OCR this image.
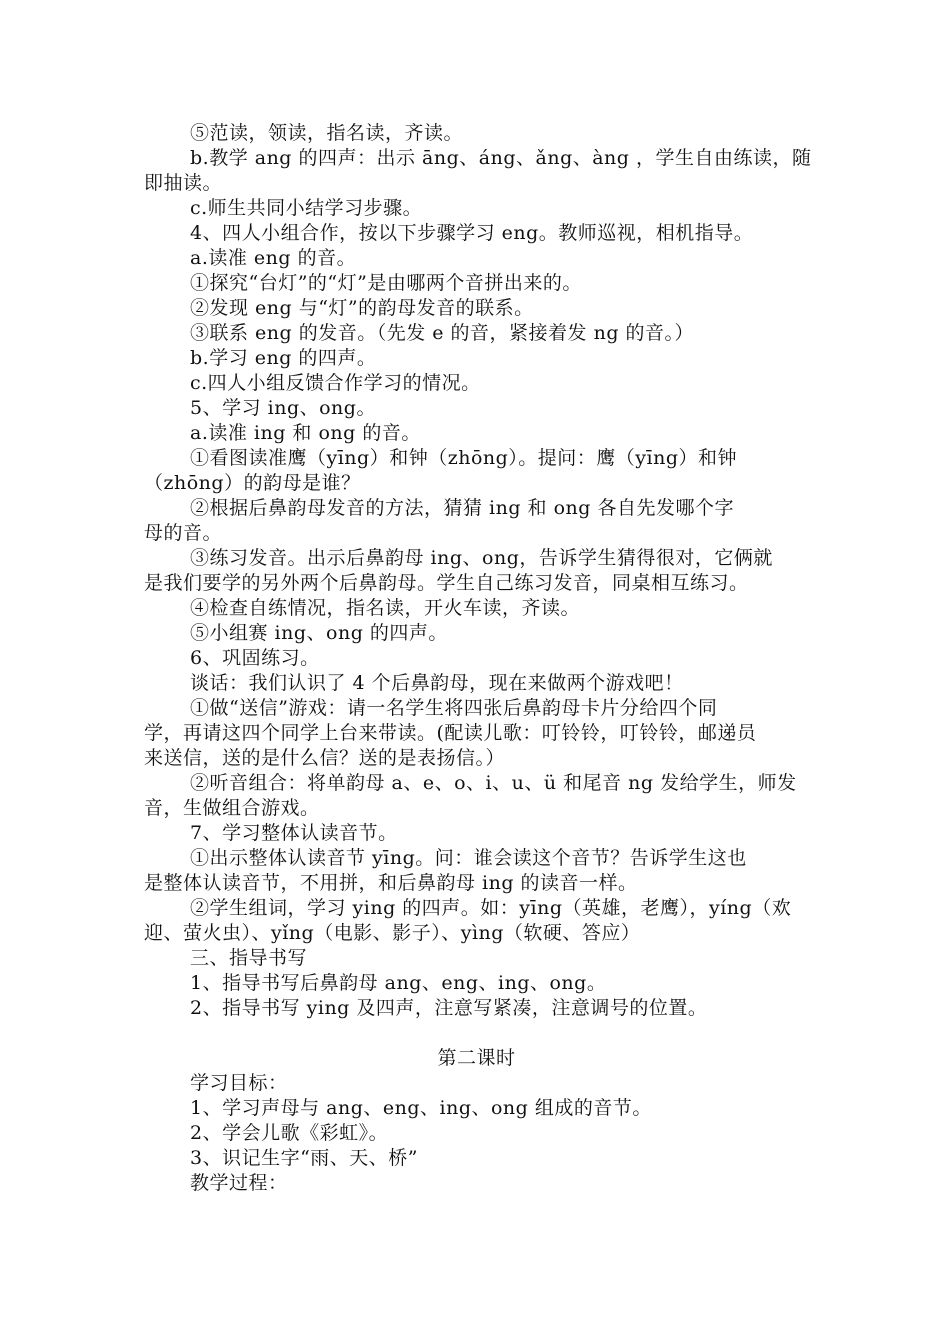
⑤范读，领读，指名读，齐读。
b.教学 ang 的四声：出示 āng、áng、ǎng、àng ，学生自由练读，随
即抽读。
c.师生共同小结学习步骤。
4、四人小组合作，按以下步骤学习 eng。教师巡视，相机指导。
a.读准 eng 的音。
①探究“台灯”的“灯”是由哪两个音拼出来的。
②发现 eng 与“灯”的韵母发音的联系。
③联系 eng 的发音。（先发 e 的音，紧接着发 ng 的音。）
b.学习 eng 的四声。
c.四人小组反馈合作学习的情况。
5、学习 ing、ong。
a.读准 ing 和 ong 的音。
①看图读准鹰（yīng）和钟（zhōng）。提问：鹰（yīng）和钟
（zhōng）的韵母是谁？
②根据后鼻韵母发音的方法，猜猜 ing 和 ong 各自先发哪个字
母的音。
③练习发音。出示后鼻韵母 ing、ong，告诉学生猜得很对，它俩就
是我们要学的另外两个后鼻韵母。学生自己练习发音，同桌相互练习。
④检查自练情况，指名读，开火车读，齐读。
⑤小组赛 ing、ong 的四声。
6、巩固练习。
谈话：我们认识了 4 个后鼻韵母，现在来做两个游戏吧！
①做“送信”游戏：请一名学生将四张后鼻韵母卡片分给四个同
学，再请这四个同学上台来带读。(配读儿歌：叮铃铃，叮铃铃，邮递员
来送信，送的是什么信？送的是表扬信。）
②听音组合：将单韵母 a、e、o、i、u、ü 和尾音 ng 发给学生，师发
音，生做组合游戏。
7、学习整体认读音节。
①出示整体认读音节 yīng。问：谁会读这个音节？告诉学生这也
是整体认读音节，不用拼，和后鼻韵母 ing 的读音一样。
②学生组词，学习 ying 的四声。如：yīng（英雄，老鹰），yíng（欢
迎、萤火虫）、yǐng（电影、影子）、yìng（软硬、答应）
三、指导书写
1、指导书写后鼻韵母 ang、eng、ing、ong。
2、指导书写 ying 及四声，注意写紧凑，注意调号的位置。
第二课时
学习目标：
1、学习声母与 ang、eng、ing、ong 组成的音节。
2、学会儿歌《彩虹》。
3、识记生字“雨、天、桥”
教学过程：
